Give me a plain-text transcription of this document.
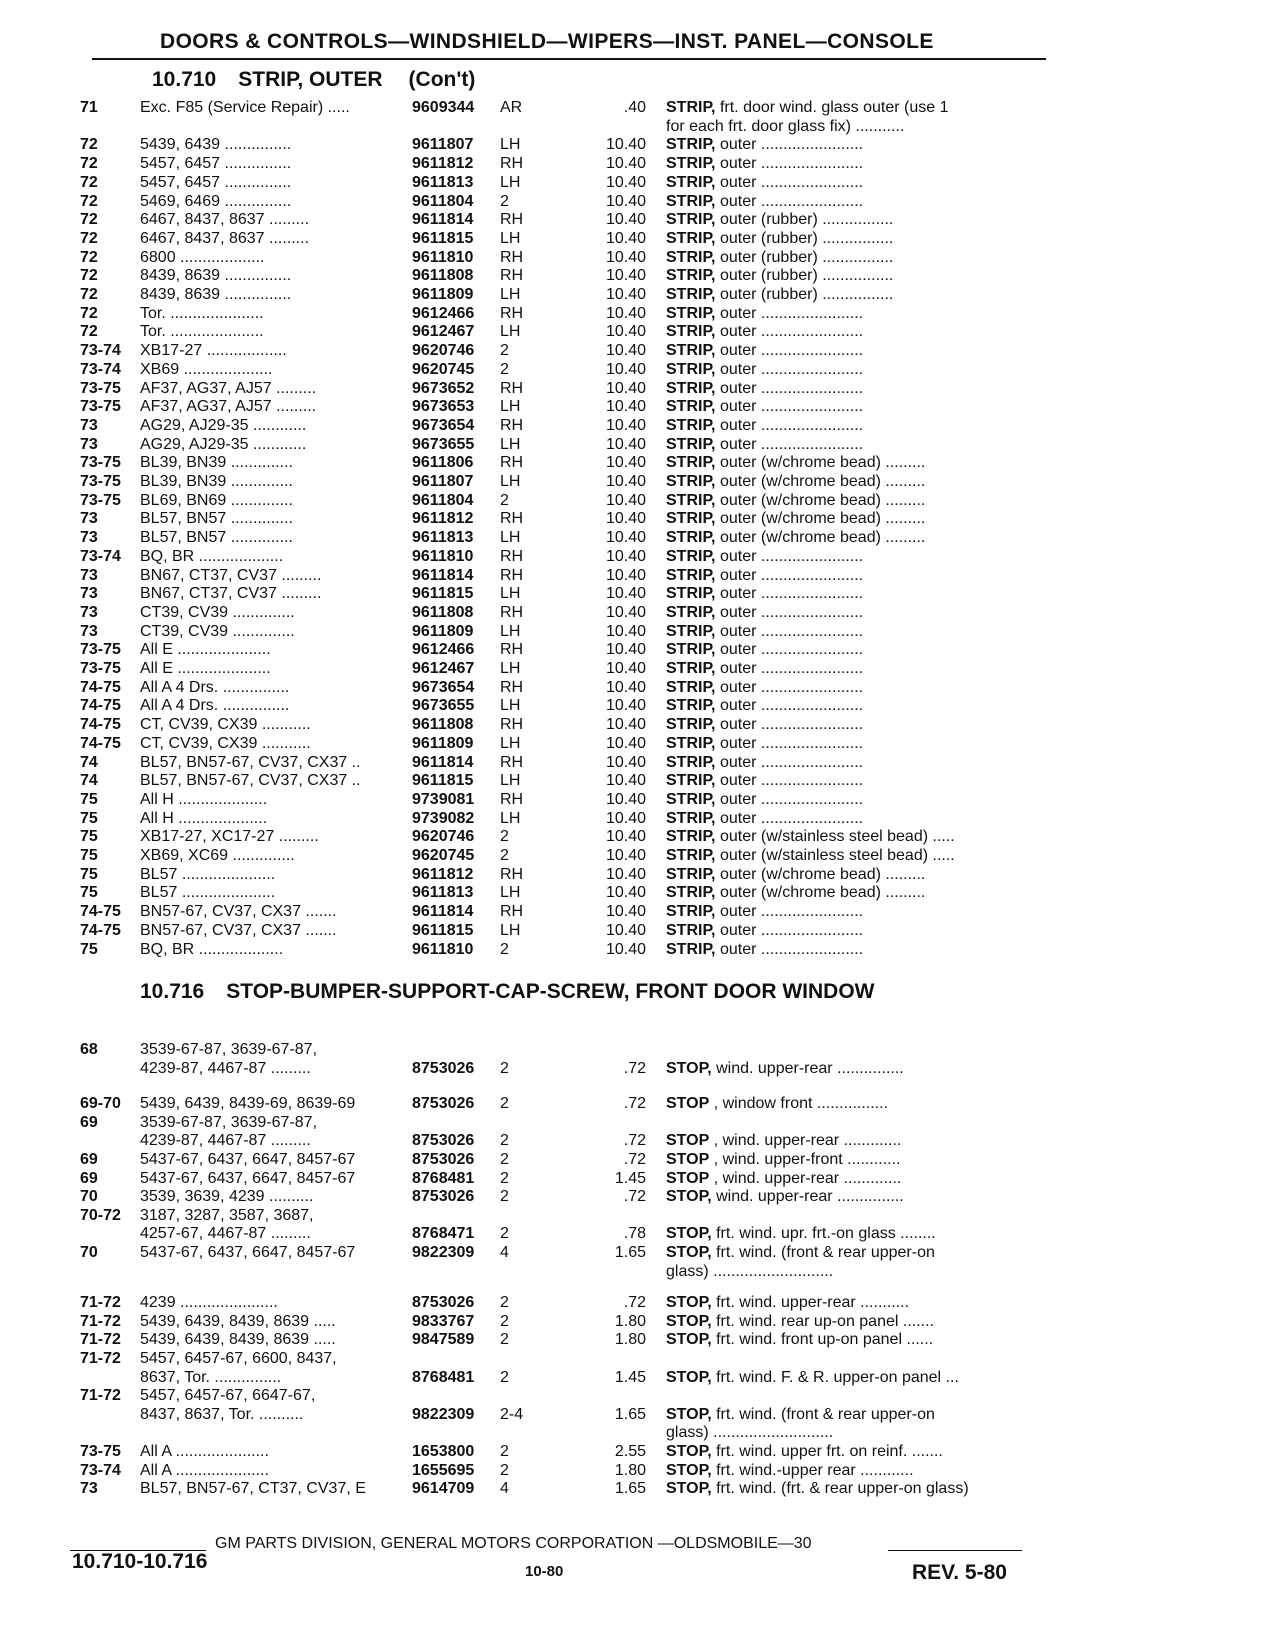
DOORS & CONTROLS—WINDSHIELD—WIPERS—INST. PANEL—CONSOLE
10.710 STRIP, OUTER (Con't)
71	Exc. F85 (Service Repair) .....	9609344	AR	.40 STRIP, frt. door wind. glass outer (use 1
for each frt. door glass fix) ...........
72	5439, 6439 ...............	9611807	LH	10.40 STRIP, outer .......................
72	5457, 6457 ...............	9611812	RH	10.40 STRIP, outer .......................
72	5457, 6457 ...............	9611813	LH	10.40 STRIP, outer .......................
72	5469, 6469 ...............	9611804	2	10.40 STRIP, outer .......................
72	6467, 8437, 8637 .........	9611814	RH	10.40 STRIP, outer (rubber) ................
72	6467, 8437, 8637 .........	9611815	LH	10.40 STRIP, outer (rubber) ................
72	6800 ...................	9611810	RH	10.40 STRIP, outer (rubber) ................
72	8439, 8639 ...............	9611808	RH	10.40 STRIP, outer (rubber) ................
72	8439, 8639 ...............	9611809	LH	10.40 STRIP, outer (rubber) ................
72	Tor. .....................	9612466	RH	10.40 STRIP, outer .......................
72	Tor. .....................	9612467	LH	10.40 STRIP, outer .......................
73-74 XB17-27 ..................	9620746	2	10.40 STRIP, outer .......................
73-74 XB69 ....................	9620745	2	10.40 STRIP, outer .......................
73-75 AF37, AG37, AJ57 .........	9673652	RH	10.40 STRIP, outer .......................
73-75 AF37, AG37, AJ57 .........	9673653	LH	10.40 STRIP, outer .......................
73	AG29, AJ29-35 ............	9673654	RH	10.40 STRIP, outer .......................
73	AG29, AJ29-35 ............	9673655	LH	10.40 STRIP, outer .......................
73-75 BL39, BN39 ..............	9611806	RH	10.40 STRIP, outer (w/chrome bead) .........
73-75 BL39, BN39 ..............	9611807	LH	10.40 STRIP, outer (w/chrome bead) .........
73-75 BL69, BN69 ..............	9611804	2	10.40 STRIP, outer (w/chrome bead) .........
73	BL57, BN57 ..............	9611812	RH	10.40 STRIP, outer (w/chrome bead) .........
73	BL57, BN57 ..............	9611813	LH	10.40 STRIP, outer (w/chrome bead) .........
73-74 BQ, BR ...................	9611810	RH	10.40 STRIP, outer .......................
73	BN67, CT37, CV37 .........	9611814	RH	10.40 STRIP, outer .......................
73	BN67, CT37, CV37 .........	9611815	LH	10.40 STRIP, outer .......................
73	CT39, CV39 ..............	9611808	RH	10.40 STRIP, outer .......................
73	CT39, CV39 ..............	9611809	LH	10.40 STRIP, outer .......................
73-75 All E .....................	9612466	RH	10.40 STRIP, outer .......................
73-75 All E .....................	9612467	LH	10.40 STRIP, outer .......................
74-75 All A 4 Drs. ...............	9673654	RH	10.40 STRIP, outer .......................
74-75 All A 4 Drs. ...............	9673655	LH	10.40 STRIP, outer .......................
74-75 CT, CV39, CX39 ...........	9611808	RH	10.40 STRIP, outer .......................
74-75 CT, CV39, CX39 ...........	9611809	LH	10.40 STRIP, outer .......................
74	BL57, BN57-67, CV37, CX37 ..	9611814	RH	10.40 STRIP, outer .......................
74	BL57, BN57-67, CV37, CX37 ..	9611815	LH	10.40 STRIP, outer .......................
75	All H ....................	9739081	RH	10.40 STRIP, outer .......................
75	All H ....................	9739082	LH	10.40 STRIP, outer .......................
75	XB17-27, XC17-27 .........	9620746	2	10.40 STRIP, outer (w/stainless steel bead) .....
75	XB69, XC69 ..............	9620745	2	10.40 STRIP, outer (w/stainless steel bead) .....
75	BL57 .....................	9611812	RH	10.40 STRIP, outer (w/chrome bead) .........
75	BL57 .....................	9611813	LH	10.40 STRIP, outer (w/chrome bead) .........
74-75 BN57-67, CV37, CX37 .......	9611814	RH	10.40 STRIP, outer .......................
74-75 BN57-67, CV37, CX37 .......	9611815	LH	10.40 STRIP, outer .......................
75	BQ, BR ...................	9611810	2	10.40 STRIP, outer .......................
10.716 STOP-BUMPER-SUPPORT-CAP-SCREW, FRONT DOOR WINDOW
68	3539-67-87, 3639-67-87,
4239-87, 4467-87 .........	8753026	2	.72 STOP, wind. upper-rear ...............
69-70 5439, 6439, 8439-69, 8639-69	8753026	2	.72 STOP , window front ................
69	3539-67-87, 3639-67-87,
4239-87, 4467-87 .........	8753026	2	.72 STOP , wind. upper-rear .............
69	5437-67, 6437, 6647, 8457-67	8753026	2	.72 STOP , wind. upper-front ............
69	5437-67, 6437, 6647, 8457-67	8768481	2	1.45 STOP , wind. upper-rear .............
70	3539, 3639, 4239 ..........	8753026	2	.72 STOP, wind. upper-rear ...............
70-72 3187, 3287, 3587, 3687,
4257-67, 4467-87 .........	8768471	2	.78 STOP, frt. wind. upr. frt.-on glass ........
70	5437-67, 6437, 6647, 8457-67	9822309	4	1.65 STOP, frt. wind. (front & rear upper-on
glass) ...........................
71-72 4239 ......................	8753026	2	.72 STOP, frt. wind. upper-rear ...........
71-72 5439, 6439, 8439, 8639 .....	9833767	2	1.80 STOP, frt. wind. rear up-on panel .......
71-72 5439, 6439, 8439, 8639 .....	9847589	2	1.80 STOP, frt. wind. front up-on panel ......
71-72 5457, 6457-67, 6600, 8437,
8637, Tor. ...............	8768481	2	1.45 STOP, frt. wind. F. & R. upper-on panel ...
71-72 5457, 6457-67, 6647-67,
8437, 8637, Tor. ..........	9822309	2-4	1.65 STOP, frt. wind. (front & rear upper-on
glass) ...........................
73-75 All A .....................	1653800	2	2.55 STOP, frt. wind. upper frt. on reinf. .......
73-74 All A .....................	1655695	2	1.80 STOP, frt. wind.-upper rear ............
73	BL57, BN57-67, CT37, CV37, E	9614709	4	1.65 STOP, frt. wind. (frt. & rear upper-on glass)
GM PARTS DIVISION, GENERAL MOTORS CORPORATION —OLDSMOBILE—30
10.710-10.716	10-80	REV. 5-80
